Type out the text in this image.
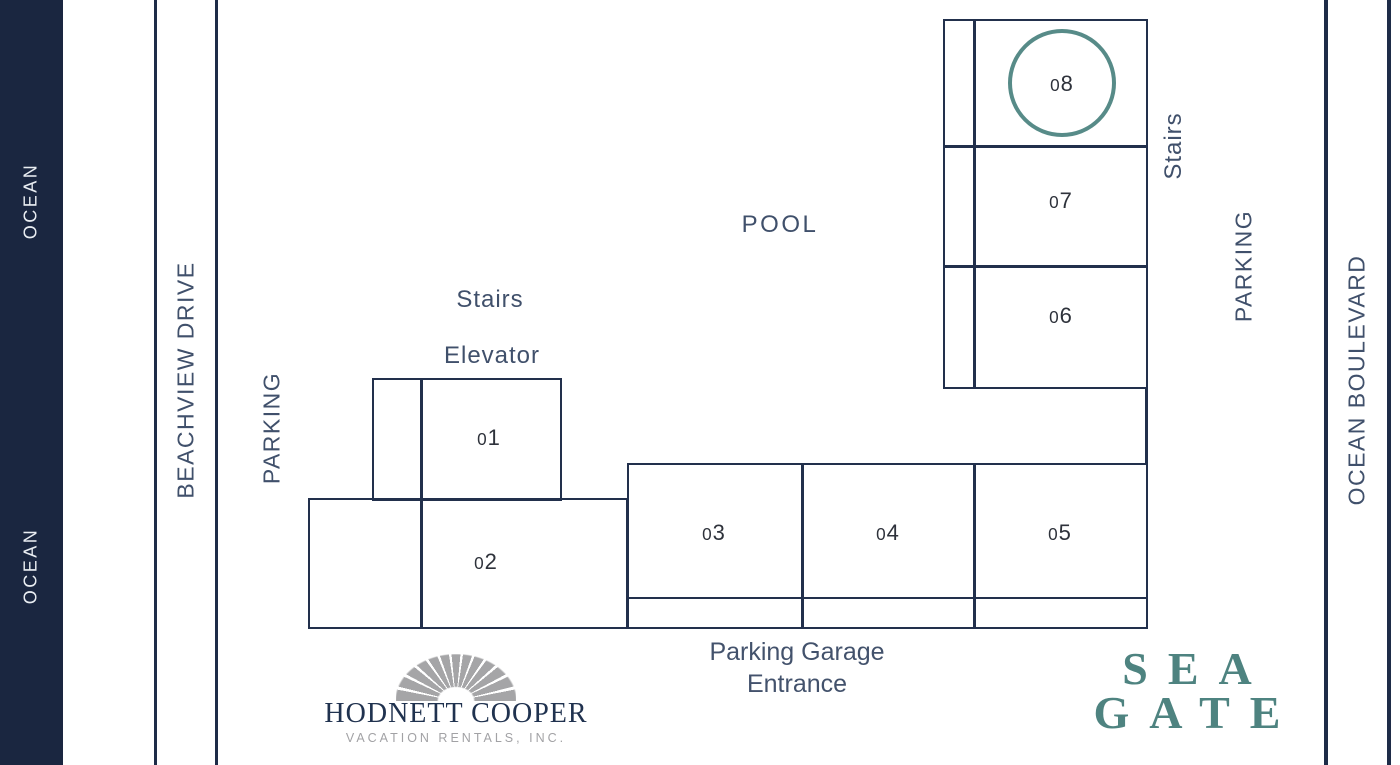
OCEAN
OCEAN
BEACHVIEW DRIVE	PARKING
Stairs
PARKING	OCEAN BOULEVARD
POOL
Stairs
Elevator
01
02
03	04	05
06
07
08
Parking Garage
Entrance
HODNETT COOPER
VACATION RENTALS, INC.
SEA
GATE
